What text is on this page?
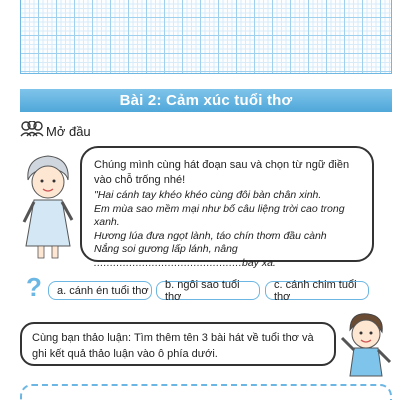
Bài 2: Cảm xúc tuổi thơ
Mở đầu
Chúng mình cùng hát đoạn sau và chọn từ ngữ điền vào chỗ trống nhé!
"Hai cánh tay khéo khéo cùng đôi bàn chân xinh.
Em mùa sao mềm mại như bố câu liệng trời cao trong xanh.
Hương lúa đưa ngọt lành, táo chín thơm đầu cành
Nắng soi gương lấp lánh, nâng ..............................................bay xa.
?	a. cánh én tuổi thơ	b. ngôi sao tuổi thơ
c. cánh chim tuổi thơ
Cùng bạn thảo luận: Tìm thêm tên 3 bài hát về tuổi thơ và ghi kết quả thảo luận vào ô phía dưới.
